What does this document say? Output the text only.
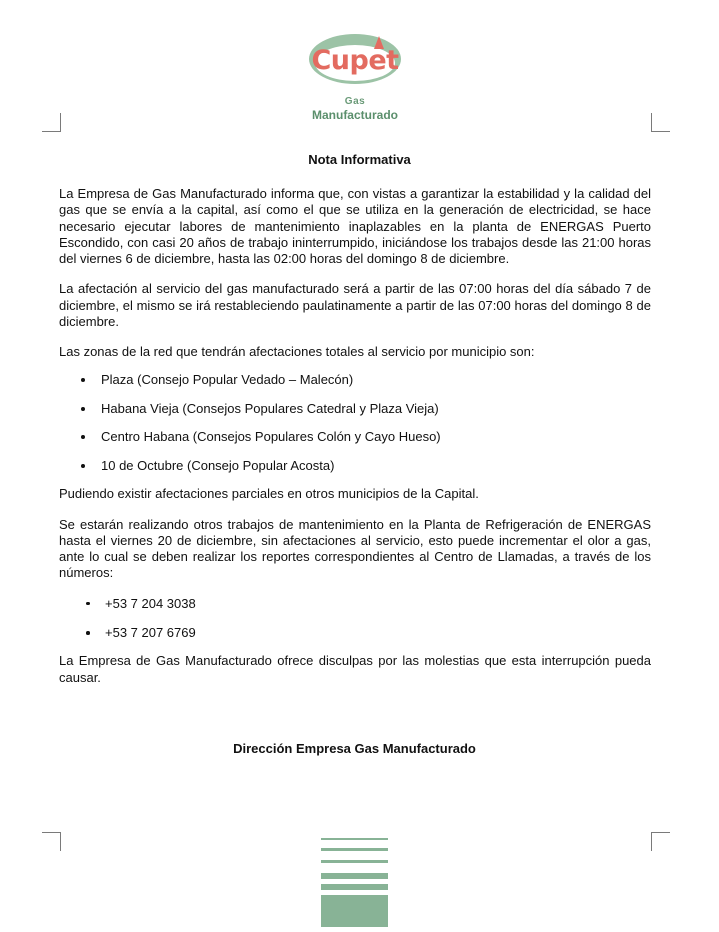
Cupet
Gas
Manufacturado
Nota Informativa

La Empresa de Gas Manufacturado informa que, con vistas a garantizar la estabilidad y la calidad del gas que se envía a la capital, así como el que se utiliza en la generación de electricidad, se hace necesario ejecutar labores de mantenimiento inaplazables en la planta de ENERGAS Puerto Escondido, con casi 20 años de trabajo ininterrumpido, iniciándose los trabajos desde las 21:00 horas del viernes 6 de diciembre, hasta las 02:00 horas del domingo 8 de diciembre.

La afectación al servicio del gas manufacturado será a partir de las 07:00 horas del día sábado 7 de diciembre, el mismo se irá restableciendo paulatinamente a partir de las 07:00 horas del domingo 8 de diciembre.

Las zonas de la red que tendrán afectaciones totales al servicio por municipio son:

Plaza (Consejo Popular Vedado – Malecón)
Habana Vieja (Consejos Populares Catedral y Plaza Vieja)
Centro Habana (Consejos Populares Colón y Cayo Hueso)
10 de Octubre (Consejo Popular Acosta)

Pudiendo existir afectaciones parciales en otros municipios de la Capital.

Se estarán realizando otros trabajos de mantenimiento en la Planta de Refrigeración de ENERGAS hasta el viernes 20 de diciembre, sin afectaciones al servicio, esto puede incrementar el olor a gas, ante lo cual se deben realizar los reportes correspondientes al Centro de Llamadas, a través de los números:

+53 7 204 3038
+53 7 207 6769

La Empresa de Gas Manufacturado ofrece disculpas por las molestias que esta interrupción pueda causar.

Dirección Empresa Gas Manufacturado
